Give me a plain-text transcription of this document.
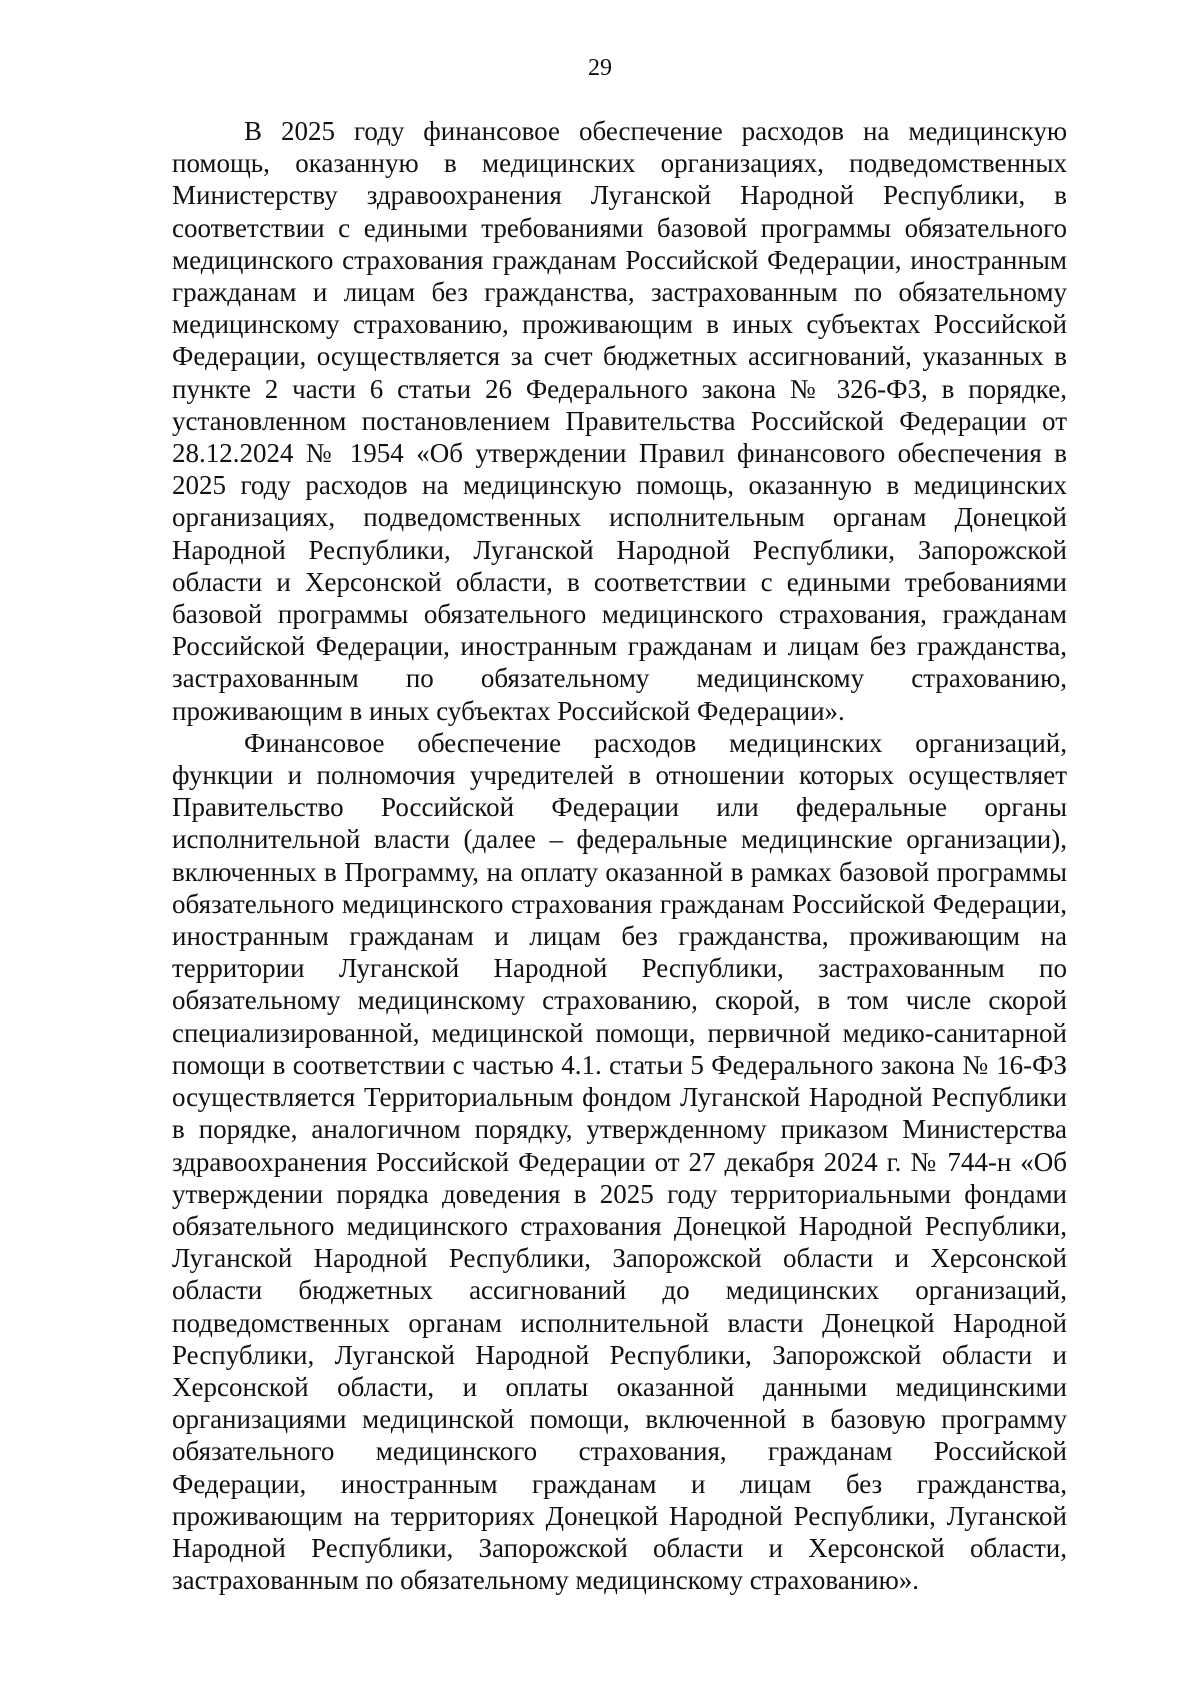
29

В 2025 году финансовое обеспечение расходов на медицинскую помощь, оказанную в медицинских организациях, подведомственных Министерству здравоохранения Луганской Народной Республики, в соответствии с едиными требованиями базовой программы обязательного медицинского страхования гражданам Российской Федерации, иностранным гражданам и лицам без гражданства, застрахованным по обязательному медицинскому страхованию, проживающим в иных субъектах Российской Федерации, осуществляется за счет бюджетных ассигнований, указанных в пункте 2 части 6 статьи 26 Федерального закона № 326-ФЗ, в порядке, установленном постановлением Правительства Российской Федерации от 28.12.2024 № 1954 «Об утверждении Правил финансового обеспечения в 2025 году расходов на медицинскую помощь, оказанную в медицинских организациях, подведомственных исполнительным органам Донецкой Народной Республики, Луганской Народной Республики, Запорожской области и Херсонской области, в соответствии с едиными требованиями базовой программы обязательного медицинского страхования, гражданам Российской Федерации, иностранным гражданам и лицам без гражданства, застрахованным по обязательному медицинскому страхованию, проживающим в иных субъектах Российской Федерации».

Финансовое обеспечение расходов медицинских организаций, функции и полномочия учредителей в отношении которых осуществляет Правительство Российской Федерации или федеральные органы исполнительной власти (далее – федеральные медицинские организации), включенных в Программу, на оплату оказанной в рамках базовой программы обязательного медицинского страхования гражданам Российской Федерации, иностранным гражданам и лицам без гражданства, проживающим на территории Луганской Народной Республики, застрахованным по обязательному медицинскому страхованию, скорой, в том числе скорой специализированной, медицинской помощи, первичной медико-санитарной помощи в соответствии с частью 4.1. статьи 5 Федерального закона № 16-ФЗ осуществляется Территориальным фондом Луганской Народной Республики в порядке, аналогичном порядку, утвержденному приказом Министерства здравоохранения Российской Федерации от 27 декабря 2024 г. № 744-н «Об утверждении порядка доведения в 2025 году территориальными фондами обязательного медицинского страхования Донецкой Народной Республики, Луганской Народной Республики, Запорожской области и Херсонской области бюджетных ассигнований до медицинских организаций, подведомственных органам исполнительной власти Донецкой Народной Республики, Луганской Народной Республики, Запорожской области и Херсонской области, и оплаты оказанной данными медицинскими организациями медицинской помощи, включенной в базовую программу обязательного медицинского страхования, гражданам Российской Федерации, иностранным гражданам и лицам без гражданства, проживающим на территориях Донецкой Народной Республики, Луганской Народной Республики, Запорожской области и Херсонской области, застрахованным по обязательному медицинскому страхованию».
